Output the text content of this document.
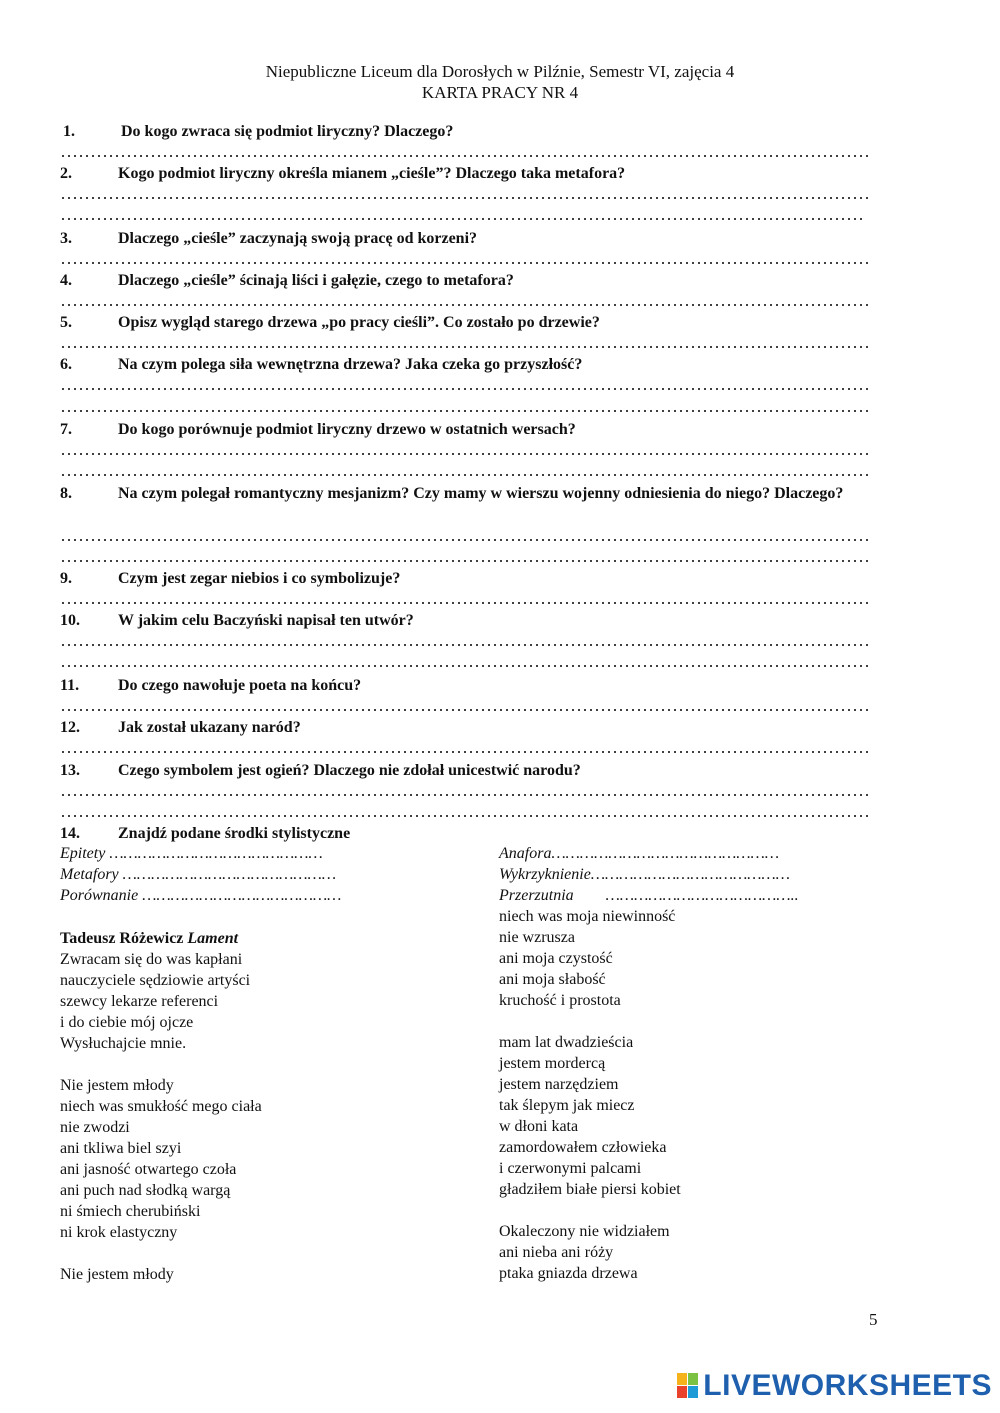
Niepubliczne Liceum dla Dorosłych w Pilźnie, Semestr VI, zajęcia 4
KARTA PRACY NR 4
1.	Do kogo zwraca się podmiot liryczny? Dlaczego?
2.	Kogo podmiot liryczny określa mianem „cieśle”? Dlaczego taka metafora?
3.	Dlaczego „cieśle” zaczynają swoją pracę od korzeni?
4.	Dlaczego „cieśle” ścinają liści i gałęzie, czego to metafora?
5.	Opisz wygląd starego drzewa „po pracy cieśli”. Co zostało po drzewie?
6.	Na czym polega siła wewnętrzna drzewa? Jaka czeka go przyszłość?
7.	Do kogo porównuje podmiot liryczny drzewo w ostatnich wersach?
8.	Na czym polegał romantyczny mesjanizm? Czy mamy w wierszu wojenny odniesienia do niego? Dlaczego?
9.	Czym jest zegar niebios i co symbolizuje?
10. W jakim celu Baczyński napisał ten utwór?
11. Do czego nawołuje poeta na końcu?
12. Jak został ukazany naród?
13. Czego symbolem jest ogień? Dlaczego nie zdołał unicestwić narodu?
14. Znajdź podane środki stylistyczne
Epitety ………………………………………
Metafory ………………………………………
Porównanie ……………………………………
Anafora…………………………………………
Wykrzyknienie……………………………………
Przerzutnia        …………………………………..
Tadeusz Różewicz Lament
Zwracam się do was kapłani
nauczyciele sędziowie artyści
szewcy lekarze referenci
i do ciebie mój ojcze
Wysłuchajcie mnie.
Nie jestem młody
niech was smukłość mego ciała
nie zwodzi
ani tkliwa biel szyi
ani jasność otwartego czoła
ani puch nad słodką wargą
ni śmiech cherubiński
ni krok elastyczny
Nie jestem młody
niech was moja niewinność
nie wzrusza
ani moja czystość
ani moja słabość
kruchość i prostota
mam lat dwadzieścia
jestem mordercą
jestem narzędziem
tak ślepym jak miecz
w dłoni kata
zamordowałem człowieka
i czerwonymi palcami
gładziłem białe piersi kobiet
Okaleczony nie widziałem
ani nieba ani róży
ptaka gniazda drzewa
5
LIVEWORKSHEETS
